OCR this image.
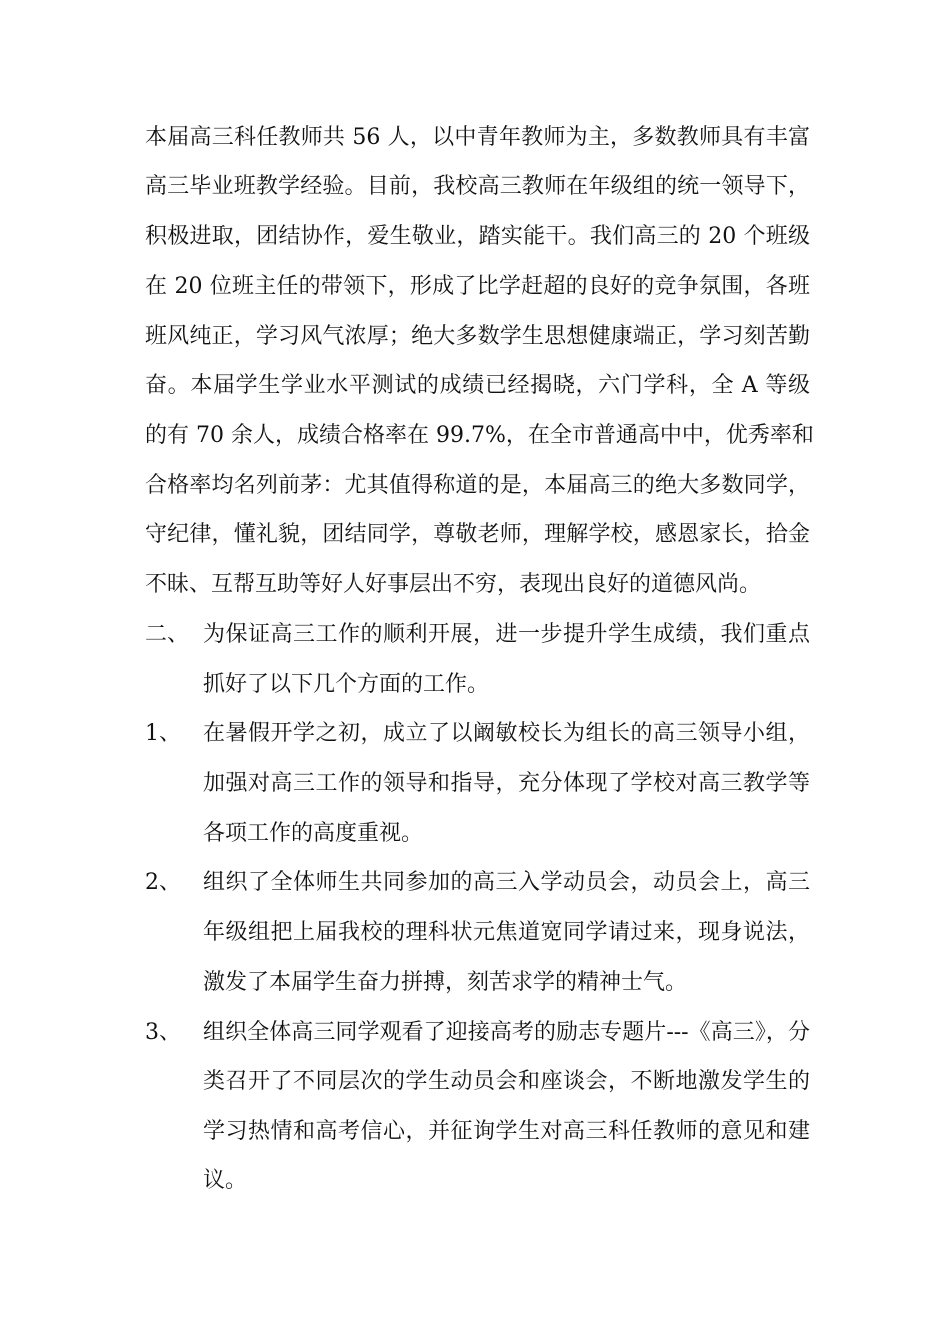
本届高三科任教师共 56 人，以中青年教师为主，多数教师具有丰富
高三毕业班教学经验。目前，我校高三教师在年级组的统一领导下，
积极进取，团结协作，爱生敬业，踏实能干。我们高三的 20 个班级
在 20 位班主任的带领下，形成了比学赶超的良好的竞争氛围，各班
班风纯正，学习风气浓厚；绝大多数学生思想健康端正，学习刻苦勤
奋。本届学生学业水平测试的成绩已经揭晓，六门学科，全 A 等级
的有 70 余人，成绩合格率在 99.7%，在全市普通高中中，优秀率和
合格率均名列前茅：尤其值得称道的是，本届高三的绝大多数同学，
守纪律，懂礼貌，团结同学，尊敬老师，理解学校，感恩家长，拾金
不昧、互帮互助等好人好事层出不穷，表现出良好的道德风尚。
二、 为保证高三工作的顺利开展，进一步提升学生成绩，我们重点
抓好了以下几个方面的工作。
1、 在暑假开学之初，成立了以阚敏校长为组长的高三领导小组，
加强对高三工作的领导和指导，充分体现了学校对高三教学等
各项工作的高度重视。
2、 组织了全体师生共同参加的高三入学动员会，动员会上，高三
年级组把上届我校的理科状元焦道宽同学请过来，现身说法，
激发了本届学生奋力拼搏，刻苦求学的精神士气。
3、 组织全体高三同学观看了迎接高考的励志专题片---《高三》，分
类召开了不同层次的学生动员会和座谈会，不断地激发学生的
学习热情和高考信心，并征询学生对高三科任教师的意见和建
议。
